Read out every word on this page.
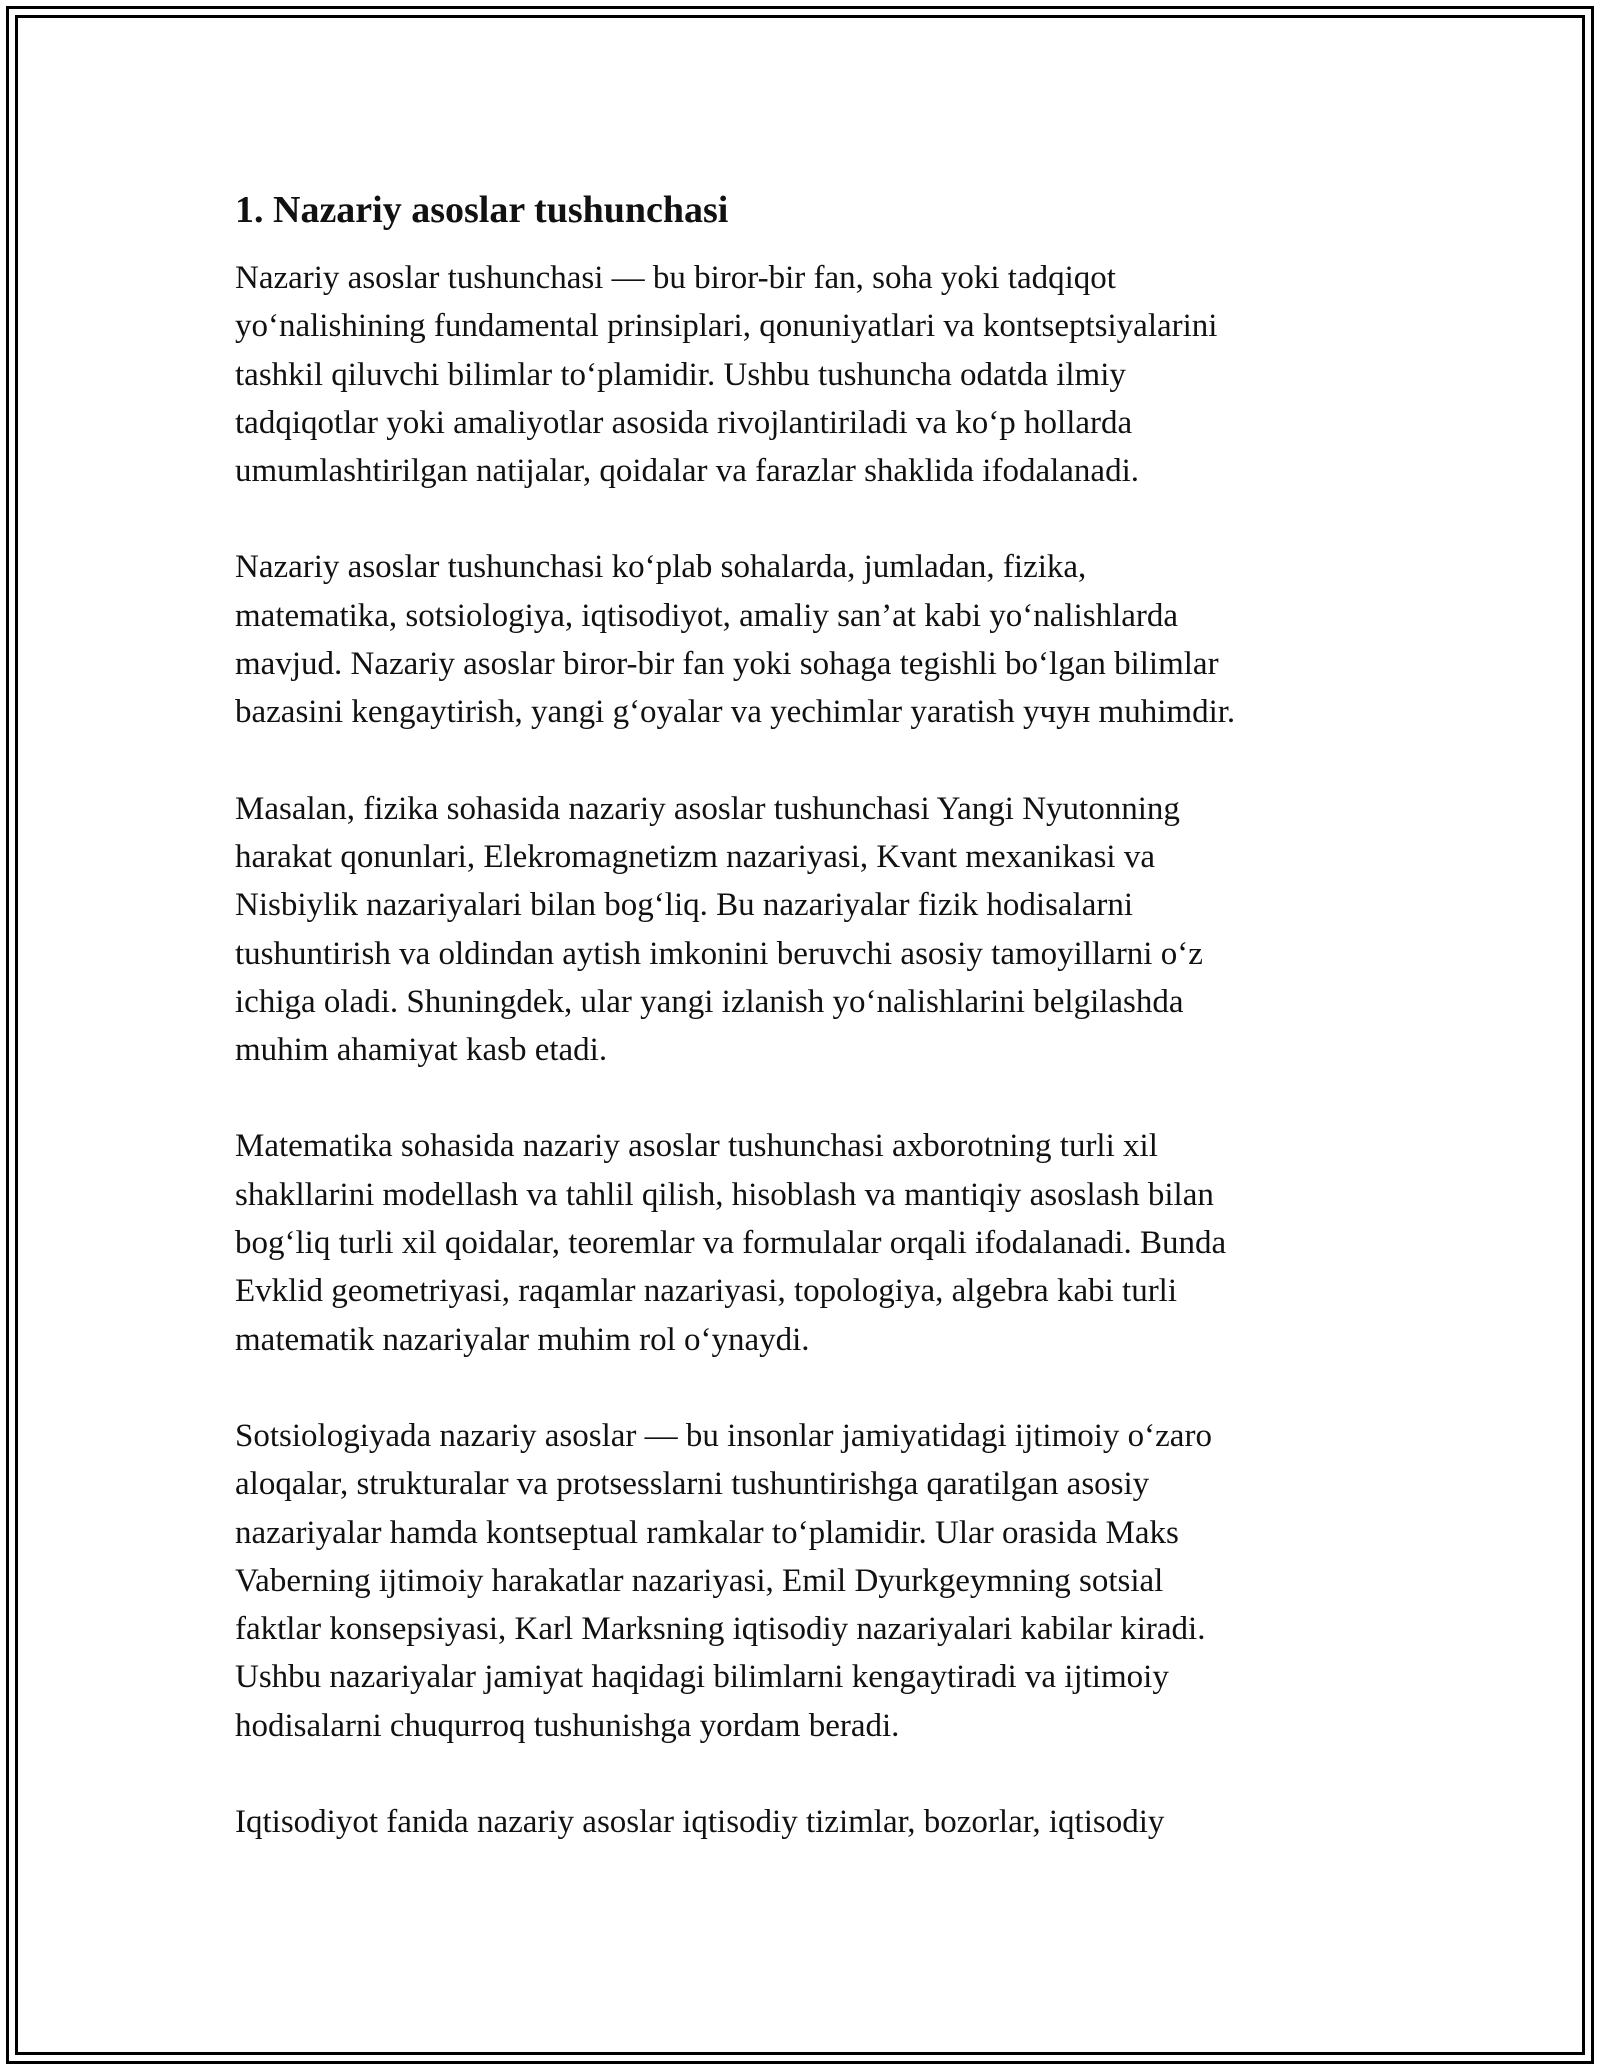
1. Nazariy asoslar tushunchasi
Nazariy asoslar tushunchasi — bu biror-bir fan, soha yoki tadqiqot
yo‘nalishining fundamental prinsiplari, qonuniyatlari va kontseptsiyalarini
tashkil qiluvchi bilimlar to‘plamidir. Ushbu tushuncha odatda ilmiy
tadqiqotlar yoki amaliyotlar asosida rivojlantiriladi va ko‘p hollarda
umumlashtirilgan natijalar, qoidalar va farazlar shaklida ifodalanadi.
Nazariy asoslar tushunchasi ko‘plab sohalarda, jumladan, fizika,
matematika, sotsiologiya, iqtisodiyot, amaliy san’at kabi yo‘nalishlarda
mavjud. Nazariy asoslar biror-bir fan yoki sohaga tegishli bo‘lgan bilimlar
bazasini kengaytirish, yangi g‘oyalar va yechimlar yaratish учун muhimdir.
Masalan, fizika sohasida nazariy asoslar tushunchasi Yangi Nyutonning
harakat qonunlari, Elekromagnetizm nazariyasi, Kvant mexanikasi va
Nisbiylik nazariyalari bilan bog‘liq. Bu nazariyalar fizik hodisalarni
tushuntirish va oldindan aytish imkonini beruvchi asosiy tamoyillarni o‘z
ichiga oladi. Shuningdek, ular yangi izlanish yo‘nalishlarini belgilashda
muhim ahamiyat kasb etadi.
Matematika sohasida nazariy asoslar tushunchasi axborotning turli xil
shakllarini modellash va tahlil qilish, hisoblash va mantiqiy asoslash bilan
bog‘liq turli xil qoidalar, teoremlar va formulalar orqali ifodalanadi. Bunda
Evklid geometriyasi, raqamlar nazariyasi, topologiya, algebra kabi turli
matematik nazariyalar muhim rol o‘ynaydi.
Sotsiologiyada nazariy asoslar — bu insonlar jamiyatidagi ijtimoiy o‘zaro
aloqalar, strukturalar va protsesslarni tushuntirishga qaratilgan asosiy
nazariyalar hamda kontseptual ramkalar to‘plamidir. Ular orasida Maks
Vaberning ijtimoiy harakatlar nazariyasi, Emil Dyurkgeymning sotsial
faktlar konsepsiyasi, Karl Marksning iqtisodiy nazariyalari kabilar kiradi.
Ushbu nazariyalar jamiyat haqidagi bilimlarni kengaytiradi va ijtimoiy
hodisalarni chuqurroq tushunishga yordam beradi.
Iqtisodiyot fanida nazariy asoslar iqtisodiy tizimlar, bozorlar, iqtisodiy
